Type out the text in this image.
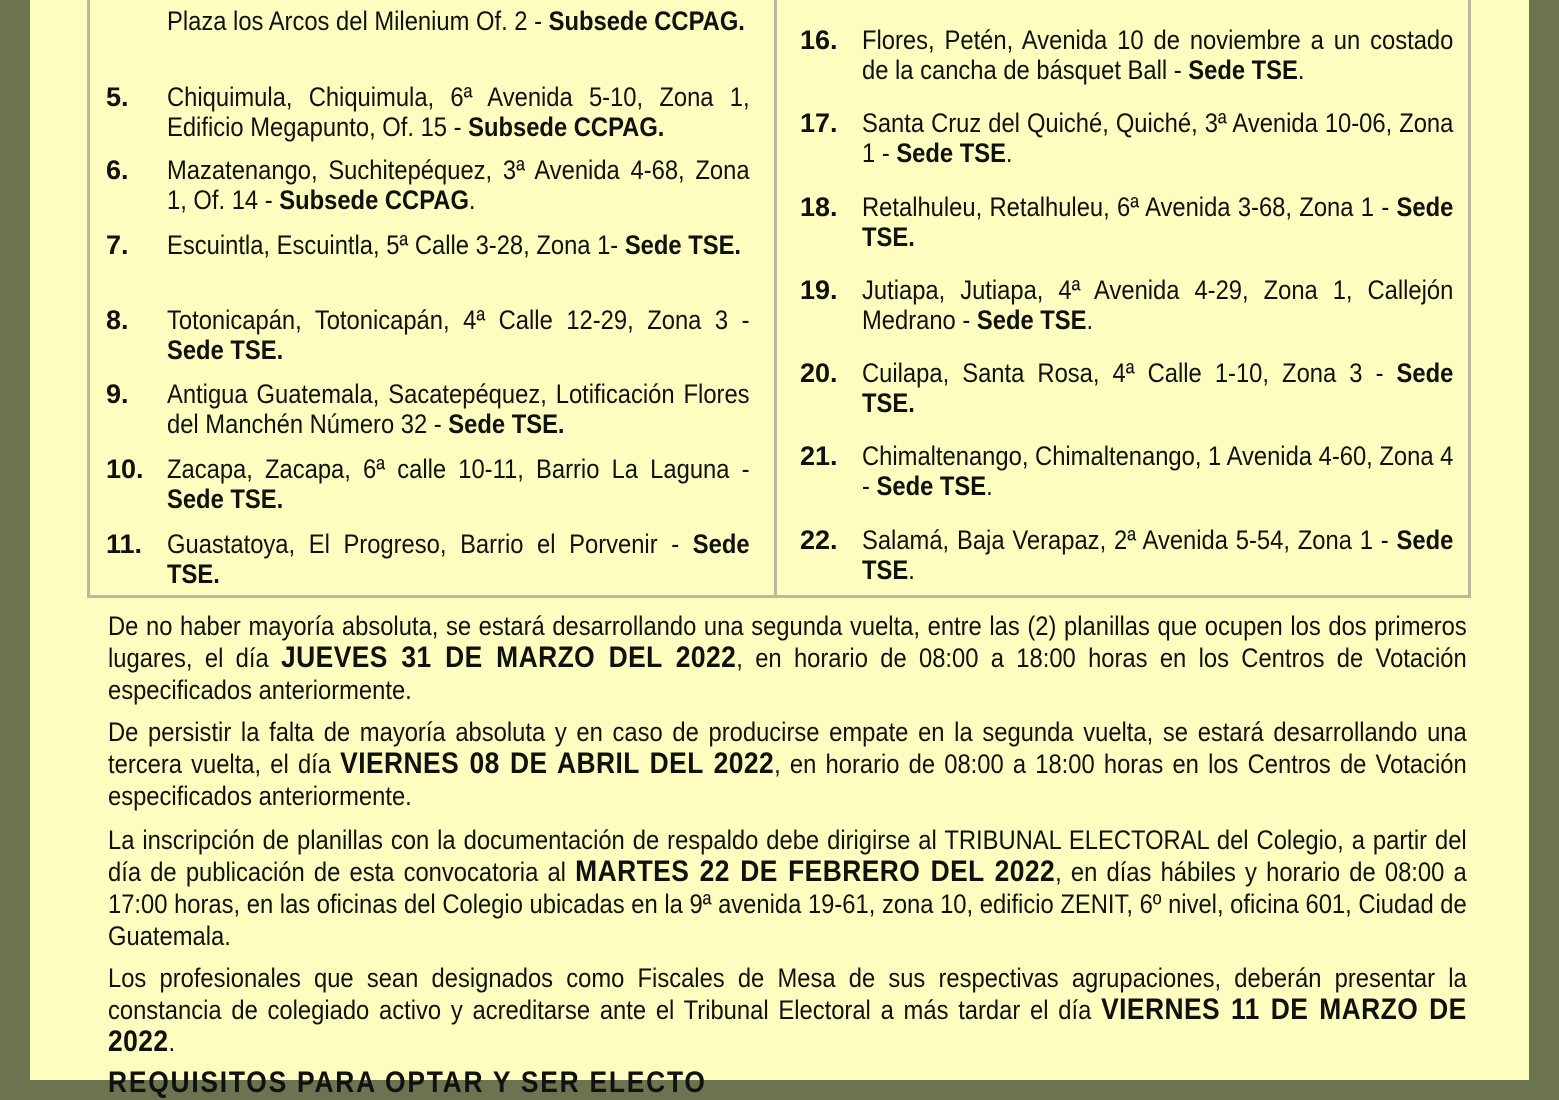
5.
6.
7.
8.
9.
10.
11.
Plaza los Arcos del Milenium Of. 2 - Subsede CCPAG.
Chiquimula, Chiquimula, 6ª Avenida 5-10, Zona 1, Edificio Megapunto, Of. 15 - Subsede CCPAG.
Mazatenango, Suchitepéquez, 3ª Avenida 4-68, Zona 1, Of. 14 - Subsede CCPAG.
Escuintla, Escuintla, 5ª Calle 3-28, Zona 1- Sede TSE.
Totonicapán, Totonicapán, 4ª Calle 12-29, Zona 3 - Sede TSE.
Antigua Guatemala, Sacatepéquez, Lotificación Flores del Manchén Número 32 - Sede TSE.
Zacapa, Zacapa, 6ª calle 10-11, Barrio La Laguna - Sede TSE.
Guastatoya, El Progreso, Barrio el Porvenir - Sede TSE.
16.
17.
18.
19.
20.
21.
22.
Flores, Petén, Avenida 10 de noviembre a un costado de la cancha de básquet Ball - Sede TSE.
Santa Cruz del Quiché, Quiché, 3ª Avenida 10-06, Zona 1 - Sede TSE.
Retalhuleu, Retalhuleu, 6ª Avenida 3-68, Zona 1 - Sede TSE.
Jutiapa, Jutiapa, 4ª Avenida 4-29, Zona 1, Callejón Medrano - Sede TSE.
Cuilapa, Santa Rosa, 4ª Calle 1-10, Zona 3 - Sede TSE.
Chimaltenango, Chimaltenango, 1 Avenida 4-60, Zona 4 - Sede TSE.
Salamá, Baja Verapaz, 2ª Avenida 5-54, Zona 1 - Sede TSE.
De no haber mayoría absoluta, se estará desarrollando una segunda vuelta, entre las (2) planillas que ocupen los dos primeros lugares, el día JUEVES 31 DE MARZO DEL 2022, en horario de 08:00 a 18:00 horas en los Centros de Votación especificados anteriormente.
De persistir la falta de mayoría absoluta y en caso de producirse empate en la segunda vuelta, se estará desarrollando una tercera vuelta, el día VIERNES 08 DE ABRIL DEL 2022, en horario de 08:00 a 18:00 horas en los Centros de Votación especificados anteriormente.
La inscripción de planillas con la documentación de respaldo debe dirigirse al TRIBUNAL ELECTORAL del Colegio, a partir del día de publicación de esta convocatoria al MARTES 22 DE FEBRERO DEL 2022, en días hábiles y horario de 08:00 a 17:00 horas, en las oficinas del Colegio ubicadas en la 9ª avenida 19-61, zona 10, edificio ZENIT, 6º nivel, oficina 601, Ciudad de Guatemala.
Los profesionales que sean designados como Fiscales de Mesa de sus respectivas agrupaciones, deberán presentar la constancia de colegiado activo y acreditarse ante el Tribunal Electoral a más tardar el día VIERNES 11 DE MARZO DE 2022.
REQUISITOS PARA OPTAR Y SER ELECTO
